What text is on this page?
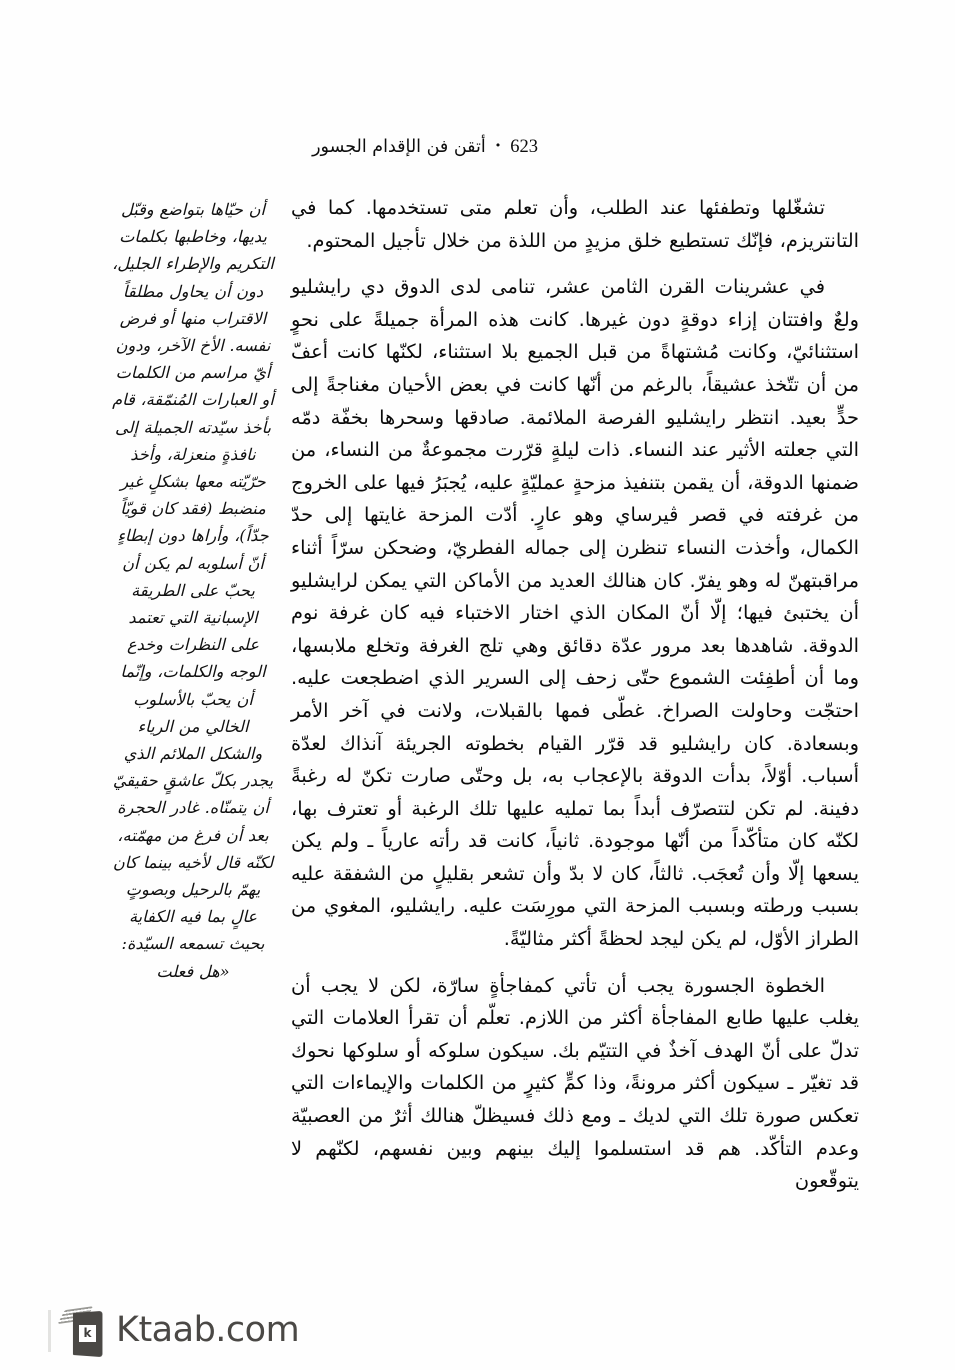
أتقن فن الإقدام الجسور • 623

تشغّلها وتطفئها عند الطلب، وأن تعلم متى تستخدمها. كما في التانتريزم، فإنّك تستطيع خلق مزيدٍ من اللذة من خلال تأجيل المحتوم.

في عشرينات القرن الثامن عشر، تنامى لدى الدوق دي رايشليو ولعٌ وافتتان إزاء دوقةٍ دون غيرها. كانت هذه المرأة جميلةً على نحوٍ استثنائيّ، وكانت مُشتهاةً من قبل الجميع بلا استثناء، لكنّها كانت أعفّ من أن تتّخذ عشيقاً، بالرغم من أنّها كانت في بعض الأحيان مغناجةً إلى حدٍّ بعيد. انتظر رايشليو الفرصة الملائمة. صادقها وسحرها بخفّة دمّه التي جعلته الأثير عند النساء. ذات ليلةٍ قرّرت مجموعةٌ من النساء، من ضمنها الدوقة، أن يقمن بتنفيذ مزحةٍ عمليّةٍ عليه، يُجبَرُ فيها على الخروج من غرفته في قصر ڤيرساي وهو عارٍ. أدّت المزحة غايتها إلى حدّ الكمال، وأخذت النساء تنظرن إلى جماله الفطريّ، وضحكن سرّاً أثناء مراقبتهنّ له وهو يفرّ. كان هنالك العديد من الأماكن التي يمكن لرايشليو أن يختبئ فيها؛ إلّا أنّ المكان الذي اختار الاختباء فيه كان غرفة نوم الدوقة. شاهدها بعد مرور عدّة دقائق وهي تلج الغرفة وتخلع ملابسها، وما أن أطفِئت الشموع حتّى زحف إلى السرير الذي اضطجعت عليه. احتجّت وحاولت الصراخ. غطّى فمها بالقبلات، ولانت في آخر الأمر وبسعادة. كان رايشليو قد قرّر القيام بخطوته الجريئة آنذاك لعدّة أسباب. أوّلاً، بدأت الدوقة بالإعجاب به، بل وحتّى صارت تكنّ له رغبةً دفينة. لم تكن لتتصرّف أبداً بما تمليه عليها تلك الرغبة أو تعترف بها، لكنّه كان متأكّداً من أنّها موجودة. ثانياً، كانت قد رأته عارياً ـ ولم يكن يسعها إلّا وأن تُعجَب. ثالثاً، كان لا بدّ وأن تشعر بقليلٍ من الشفقة عليه بسبب ورطته وبسبب المزحة التي مورِسَت عليه. رايشليو، المغوي من الطراز الأوّل، لم يكن ليجد لحظةً أكثر مثاليّةً.

الخطوة الجسورة يجب أن تأتي كمفاجأةٍ سارّة، لكن لا يجب أن يغلب عليها طابع المفاجأة أكثر من اللازم. تعلّم أن تقرأ العلامات التي تدلّ على أنّ الهدف آخذٌ في التتيّم بك. سيكون سلوكه أو سلوكها نحوك قد تغيّر ـ سيكون أكثر مرونةً، وذا كمٍّ كثيرٍ من الكلمات والإيماءات التي تعكس صورة تلك التي لديك ـ ومع ذلك فسيظلّ هنالك أثرٌ من العصبيّة وعدم التأكّد. هم قد استسلموا إليك بينهم وبين نفسهم، لكنّهم لا يتوقّعون

أن حيّاها بتواضع وقبّل يديها، وخاطبها بكلمات التكريم والإطراء الجليل، دون أن يحاول مطلقاً الاقتراب منها أو فرض نفسه. الأخ الآخر، ودون أيّ مراسم من الكلمات أو العبارات المُنمّقة، قام بأخذ سيّدته الجميلة إلى نافذةٍ منعزلة، وأخذ حرّيّته معها بشكلٍ غير منضبط (فقد كان قويّاً جدّاً)، وأراها دون إبطاءٍ أنّ أسلوبه لم يكن أن يحبّ على الطريقة الإسبانية التي تعتمد على النظرات وخدع الوجه والكلمات، وإنّما أن يحبّ بالأسلوب الخالي من الرياء والشكل الملائم الذي يجدر بكلّ عاشقٍ حقيقيّ أن يتمنّاه. غادر الحجرة بعد أن فرغ من مهمّته، لكنّه قال لأخيه بينما كان يهمّ بالرحيل وبصوتٍ عالٍ بما فيه الكفاية بحيث تسمعه السيّدة: «هل فعلت

k Ktaab.com
